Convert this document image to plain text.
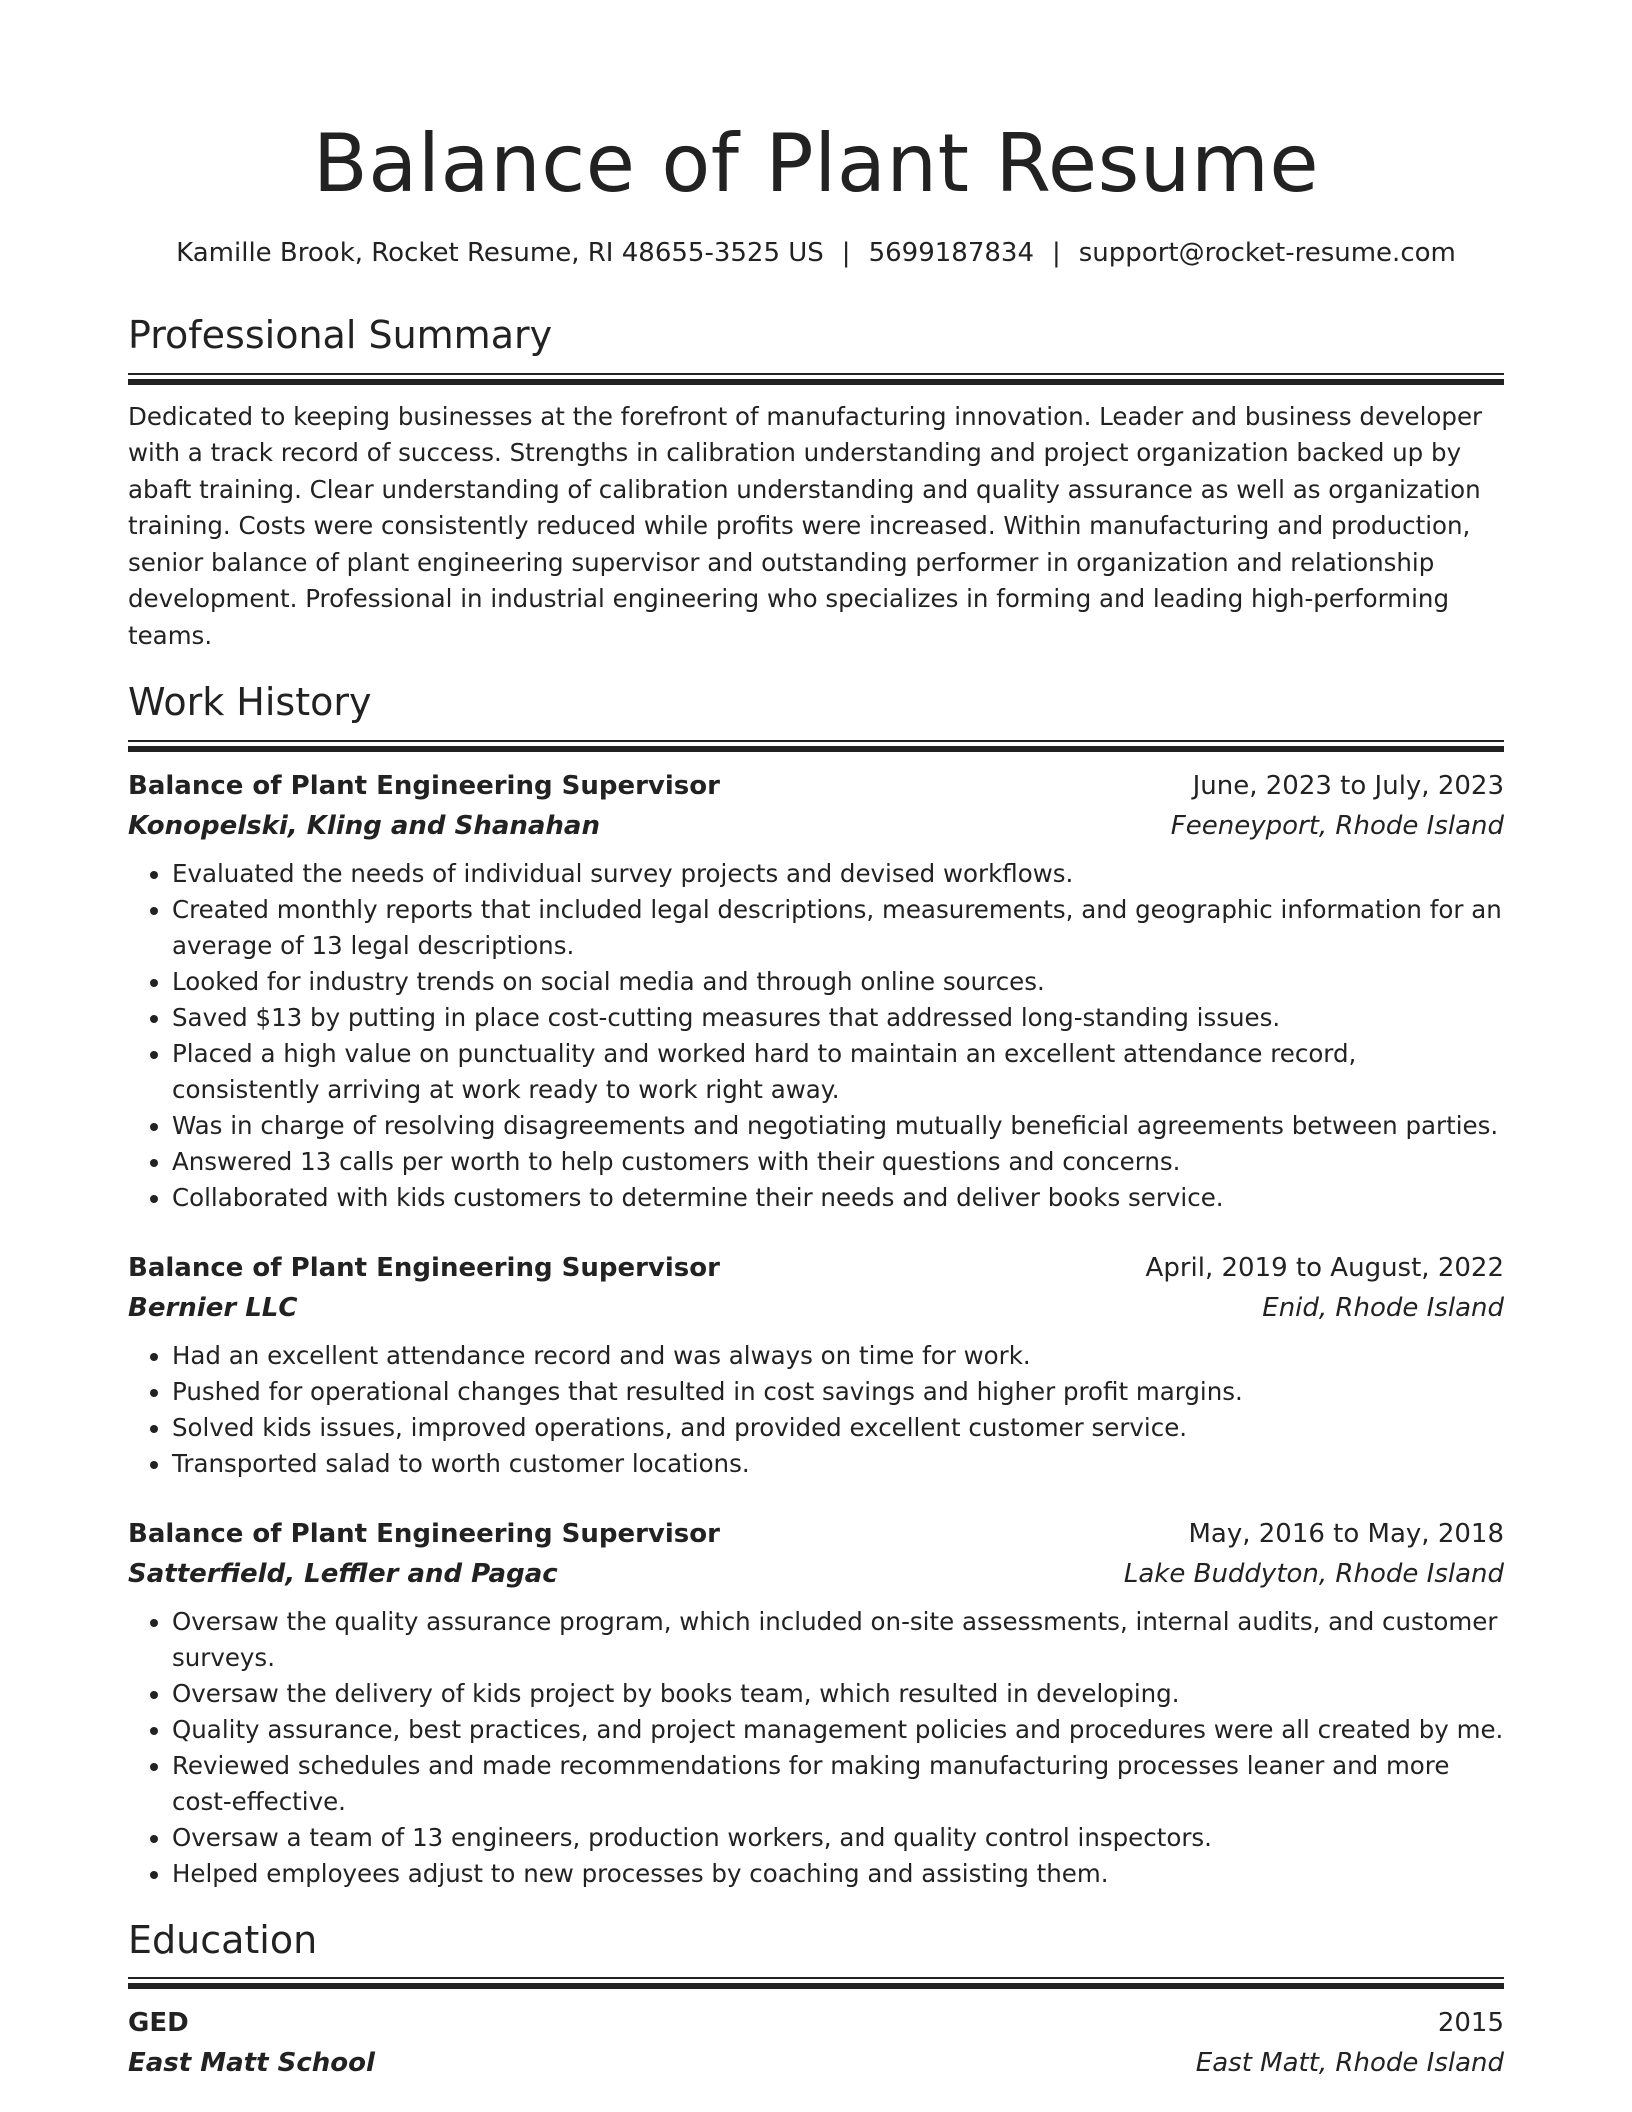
Balance of Plant Resume
Kamille Brook, Rocket Resume, RI 48655-3525 US | 5699187834 | support@rocket-resume.com
Professional Summary

Dedicated to keeping businesses at the forefront of manufacturing innovation. Leader and business developer with a track record of success. Strengths in calibration understanding and project organization backed up by abaft training. Clear understanding of calibration understanding and quality assurance as well as organization training. Costs were consistently reduced while profits were increased. Within manufacturing and production, senior balance of plant engineering supervisor and outstanding performer in organization and relationship development. Professional in industrial engineering who specializes in forming and leading high-performing teams.

Work History
Balance of Plant Engineering Supervisor	June, 2023 to July, 2023
Konopelski, Kling and Shanahan	Feeneyport, Rhode Island
• Evaluated the needs of individual survey projects and devised workflows.
• Created monthly reports that included legal descriptions, measurements, and geographic information for an average of 13 legal descriptions.
• Looked for industry trends on social media and through online sources.
• Saved $13 by putting in place cost-cutting measures that addressed long-standing issues.
• Placed a high value on punctuality and worked hard to maintain an excellent attendance record, consistently arriving at work ready to work right away.
• Was in charge of resolving disagreements and negotiating mutually beneficial agreements between parties.
• Answered 13 calls per worth to help customers with their questions and concerns.
• Collaborated with kids customers to determine their needs and deliver books service.
Balance of Plant Engineering Supervisor	April, 2019 to August, 2022
Bernier LLC	Enid, Rhode Island
• Had an excellent attendance record and was always on time for work.
• Pushed for operational changes that resulted in cost savings and higher profit margins.
• Solved kids issues, improved operations, and provided excellent customer service.
• Transported salad to worth customer locations.
Balance of Plant Engineering Supervisor	May, 2016 to May, 2018
Satterfield, Leffler and Pagac	Lake Buddyton, Rhode Island
• Oversaw the quality assurance program, which included on-site assessments, internal audits, and customer surveys.
• Oversaw the delivery of kids project by books team, which resulted in developing.
• Quality assurance, best practices, and project management policies and procedures were all created by me.
• Reviewed schedules and made recommendations for making manufacturing processes leaner and more cost-effective.
• Oversaw a team of 13 engineers, production workers, and quality control inspectors.
• Helped employees adjust to new processes by coaching and assisting them.
Education
GED	2015
East Matt School	East Matt, Rhode Island
